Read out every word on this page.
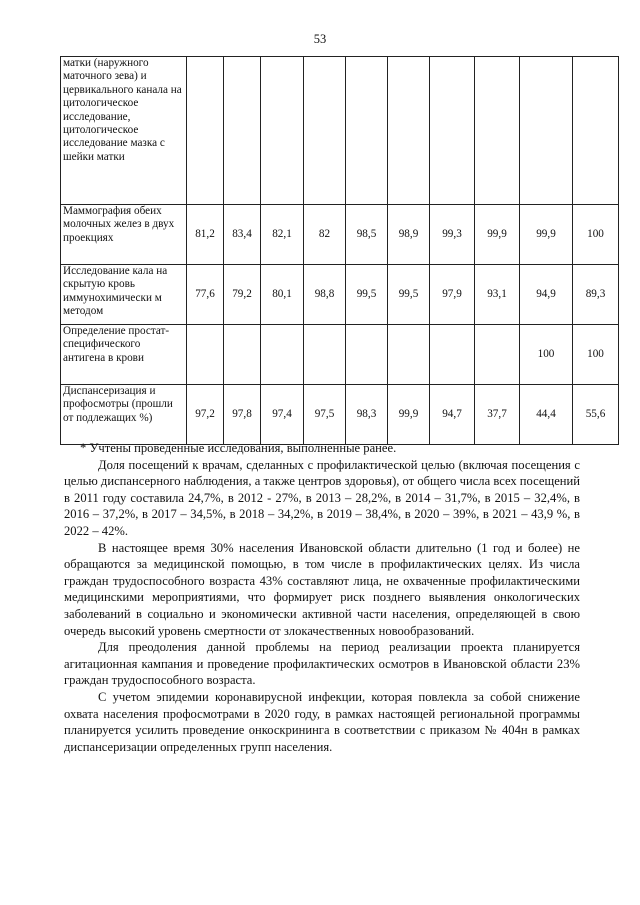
53
матки (наружного маточного зева) и цервикального канала на цитологическое исследование, цитологическое исследование мазка с шейки матки										
Маммография обеих молочных желез в двух проекциях	81,2	83,4	82,1	82	98,5	98,9	99,3	99,9	99,9	100
Исследование кала на скрытую кровь иммунохимически м методом	77,6	79,2	80,1	98,8	99,5	99,5	97,9	93,1	94,9	89,3
Определение простат-специфического антигена в крови									100	100
Диспансеризация и профосмотры (прошли от подлежащих %)	97,2	97,8	97,4	97,5	98,3	99,9	94,7	37,7	44,4	55,6

* Учтены проведенные исследования, выполненные ранее.

Доля посещений к врачам, сделанных с профилактической целью (включая посещения с целью диспансерного наблюдения, а также центров здоровья), от общего числа всех посещений в 2011 году составила 24,7%, в 2012 - 27%, в 2013 – 28,2%, в 2014 – 31,7%, в 2015 – 32,4%, в 2016 – 37,2%, в 2017 – 34,5%, в 2018 – 34,2%, в 2019 – 38,4%, в 2020 – 39%, в 2021 – 43,9 %, в 2022 – 42%.

В настоящее время 30% населения Ивановской области длительно (1 год и более) не обращаются за медицинской помощью, в том числе в профилактических целях. Из числа граждан трудоспособного возраста 43% составляют лица, не охваченные профилактическими медицинскими мероприятиями, что формирует риск позднего выявления онкологических заболеваний в социально и экономически активной части населения, определяющей в свою очередь высокий уровень смертности от злокачественных новообразований.

Для преодоления данной проблемы на период реализации проекта планируется агитационная кампания и проведение профилактических осмотров в Ивановской области 23% граждан трудоспособного возраста.

С учетом эпидемии коронавирусной инфекции, которая повлекла за собой снижение охвата населения профосмотрами в 2020 году, в рамках настоящей региональной программы планируется усилить проведение онкоскрининга в соответствии с приказом № 404н в рамках диспансеризации определенных групп населения.
